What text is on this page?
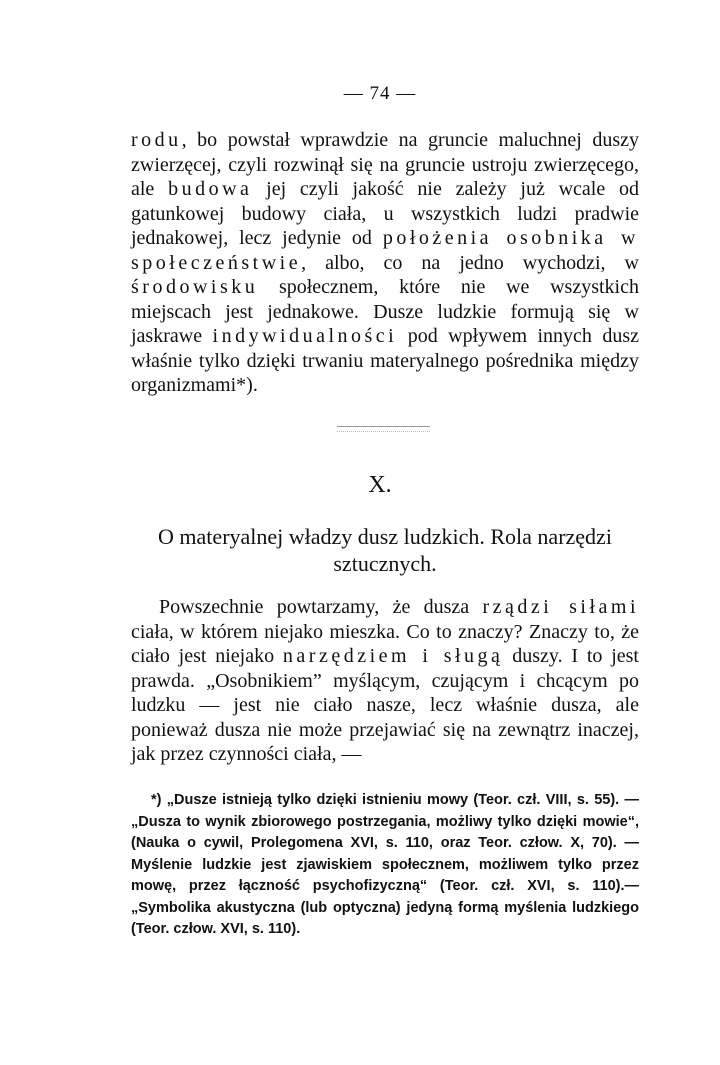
— 74 —

rodu, bo powstał wprawdzie na gruncie maluchnej duszy zwierzęcej, czyli rozwinął się na gruncie ustroju zwierzęcego, ale budowa jej czyli jakość nie zależy już wcale od gatunkowej budowy ciała, u wszystkich ludzi pradwie jednakowej, lecz jedynie od położenia osobnika w społeczeństwie, albo, co na jedno wychodzi, w środowisku społecznem, które nie we wszystkich miejscach jest jednakowe. Dusze ludzkie formują się w jaskrawe indywidualności pod wpływem innych dusz właśnie tylko dzięki trwaniu materyalnego pośrednika między organizmami*).

X.
O materyalnej władzy dusz ludzkich. Rola narzędzi sztucznych.

Powszechnie powtarzamy, że dusza rządzi siłami ciała, w którem niejako mieszka. Co to znaczy? Znaczy to, że ciało jest niejako narzędziem i sługą duszy. I to jest prawda. „Osobnikiem” myślącym, czującym i chcącym po ludzku — jest nie ciało nasze, lecz właśnie dusza, ale ponieważ dusza nie może przejawiać się na zewnątrz inaczej, jak przez czynności ciała, —

*) „Dusze istnieją tylko dzięki istnieniu mowy (Teor. czł. VIII, s. 55). — „Dusza to wynik zbiorowego postrzegania, możliwy tylko dzięki mowie“, (Nauka o cywil, Prolegomena XVI, s. 110, oraz Teor. człow. X, 70). — Myślenie ludzkie jest zjawiskiem społecznem, możliwem tylko przez mowę, przez łączność psychofizyczną“ (Teor. czł. XVI, s. 110).—„Symbolika akustyczna (lub optyczna) jedyną formą myślenia ludzkiego (Teor. człow. XVI, s. 110).
